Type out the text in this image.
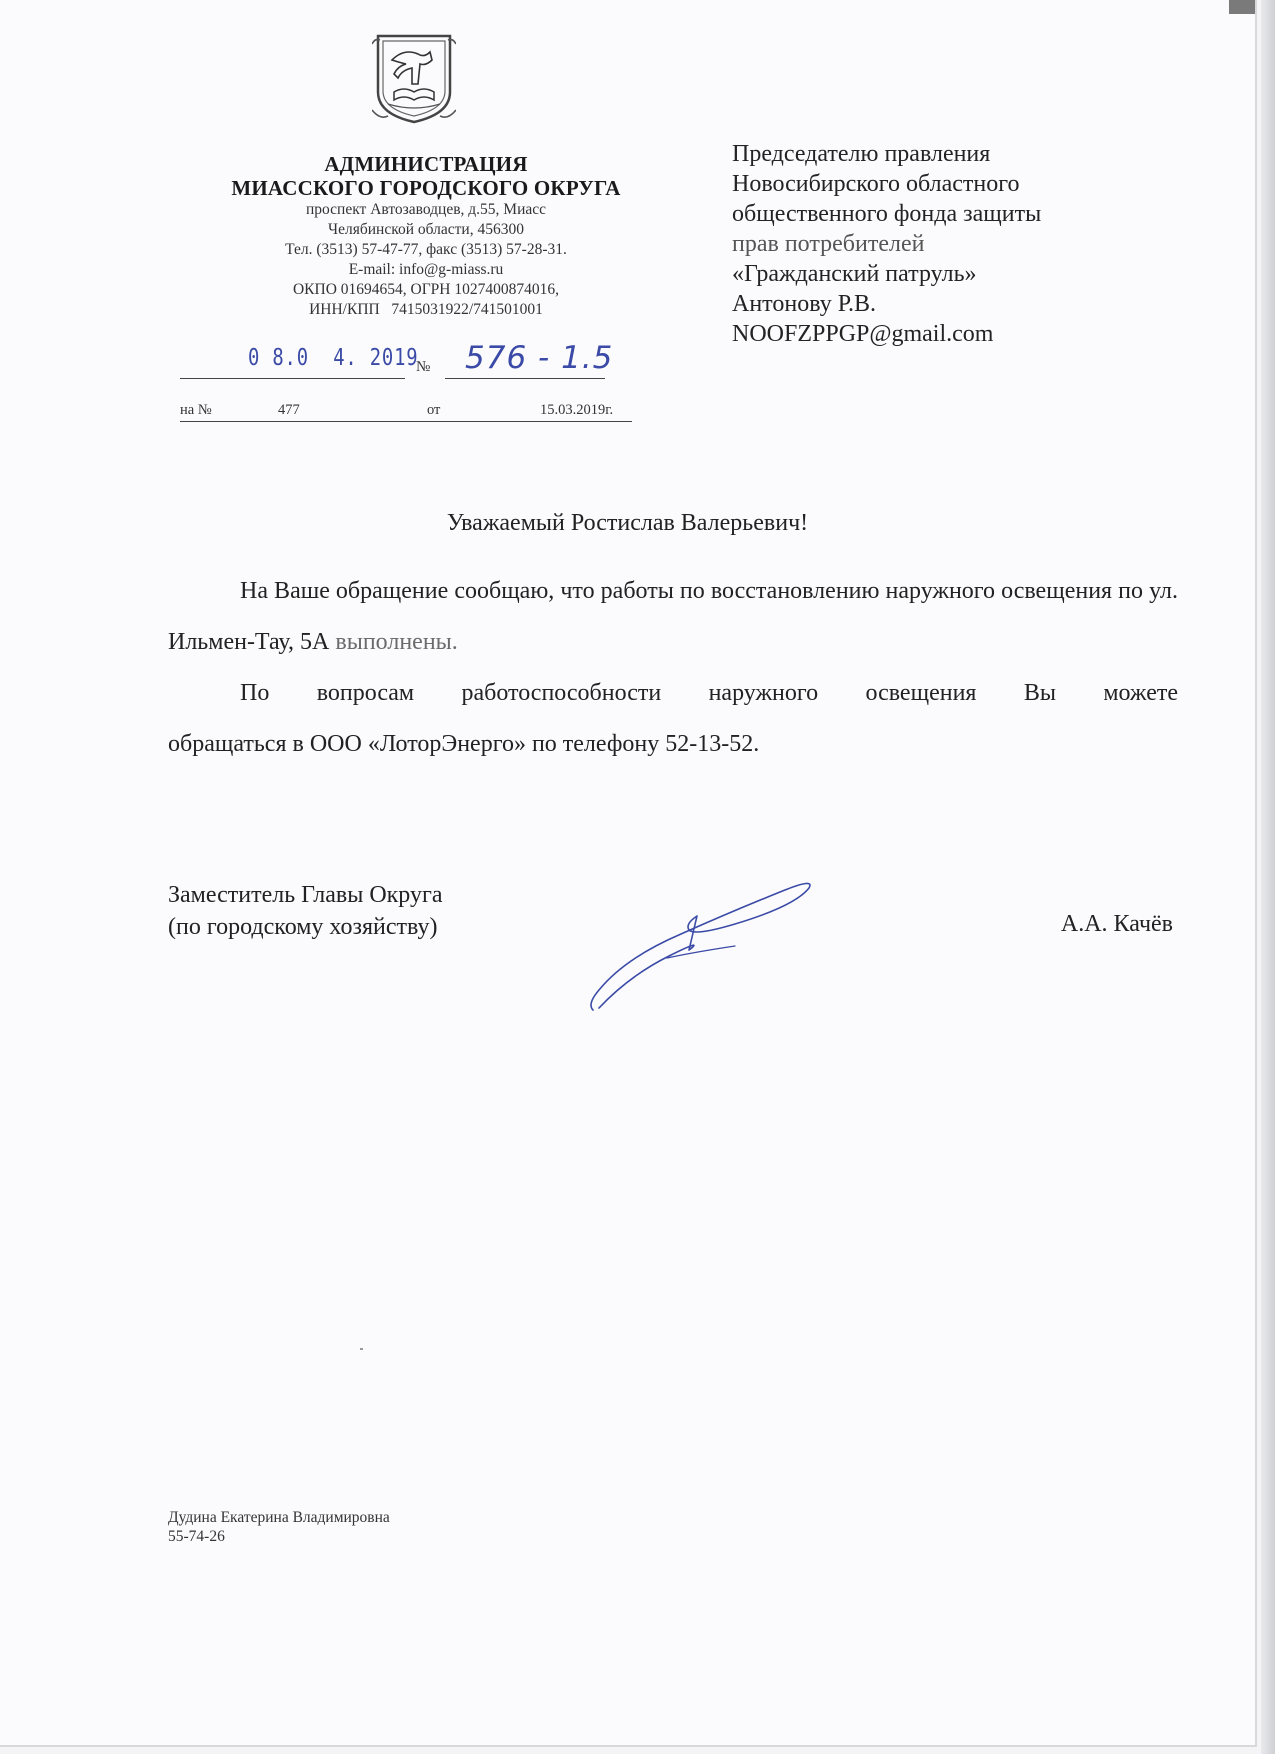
АДМИНИСТРАЦИЯ
МИАССКОГО ГОРОДСКОГО ОКРУГА
проспект Автозаводцев, д.55, Миасс
Челябинской области, 456300
Тел. (3513) 57-47-77, факс (3513) 57-28-31.
E-mail: info@g-miass.ru
ОКПО 01694654, ОГРН 1027400874016,
ИНН/КПП   7415031922/741501001
0 8.0  4. 2019
№ 576 - 1.5
на №	477	от	15.03.2019г.
Председателю правления
Новосибирского областного
общественного фонда защиты
прав потребителей
«Гражданский патруль»
Антонову Р.В.
NOOFZPPGP@gmail.com
Уважаемый Ростислав Валерьевич!
На Ваше обращение сообщаю, что работы по восстановлению наружного освещения по ул. Ильмен-Тау, 5А выполнены.
По вопросам работоспособности наружного освещения Вы можете
обращаться в ООО «ЛоторЭнерго» по телефону 52-13-52.
Заместитель Главы Округа
(по городскому хозяйству)	А.А. Качёв
Дудина Екатерина Владимировна
55-74-26
